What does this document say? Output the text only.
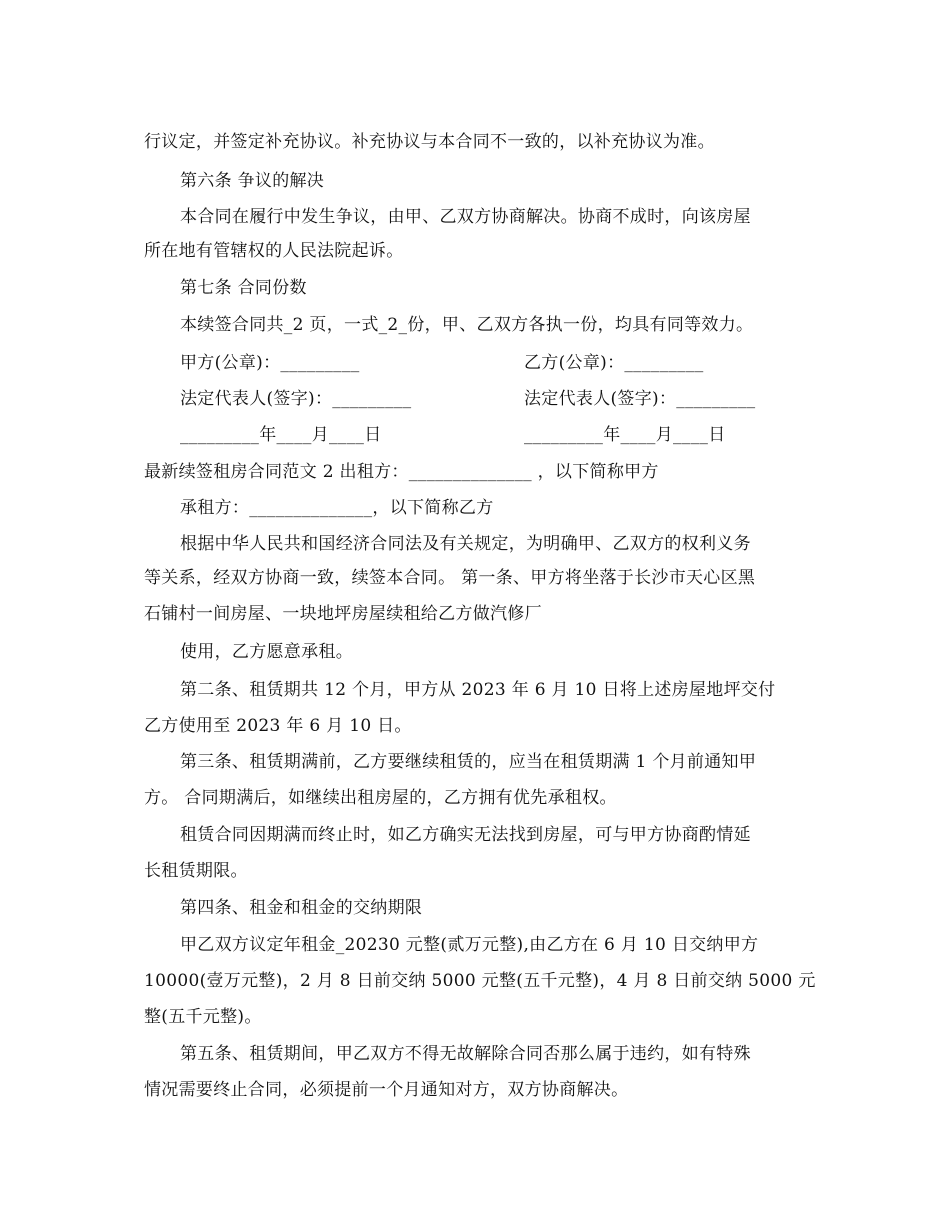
行议定，并签定补充协议。补充协议与本合同不一致的，以补充协议为准。
第六条 争议的解决
本合同在履行中发生争议，由甲、乙双方协商解决。协商不成时，向该房屋
所在地有管辖权的人民法院起诉。
第七条 合同份数
本续签合同共_2 页，一式_2_份，甲、乙双方各执一份，均具有同等效力。
甲方(公章)：_________	乙方(公章)：_________
法定代表人(签字)：_________	法定代表人(签字)：_________
_________年____月____日	_________年____月____日
最新续签租房合同范文 2 出租方：______________ ，以下简称甲方
承租方：______________，以下简称乙方
根据中华人民共和国经济合同法及有关规定，为明确甲、乙双方的权利义务
等关系，经双方协商一致，续签本合同。 第一条、甲方将坐落于长沙市天心区黑
石铺村一间房屋、一块地坪房屋续租给乙方做汽修厂
使用，乙方愿意承租。
第二条、租赁期共 12 个月，甲方从 2023 年 6 月 10 日将上述房屋地坪交付
乙方使用至 2023 年 6 月 10 日。
第三条、租赁期满前，乙方要继续租赁的，应当在租赁期满 1 个月前通知甲
方。 合同期满后，如继续出租房屋的，乙方拥有优先承租权。
租赁合同因期满而终止时，如乙方确实无法找到房屋，可与甲方协商酌情延
长租赁期限。
第四条、租金和租金的交纳期限
甲乙双方议定年租金_20230 元整(贰万元整),由乙方在 6 月 10 日交纳甲方
10000(壹万元整)，2 月 8 日前交纳 5000 元整(五千元整)，4 月 8 日前交纳 5000 元
整(五千元整)。
第五条、租赁期间，甲乙双方不得无故解除合同否那么属于违约，如有特殊
情况需要终止合同，必须提前一个月通知对方，双方协商解决。
